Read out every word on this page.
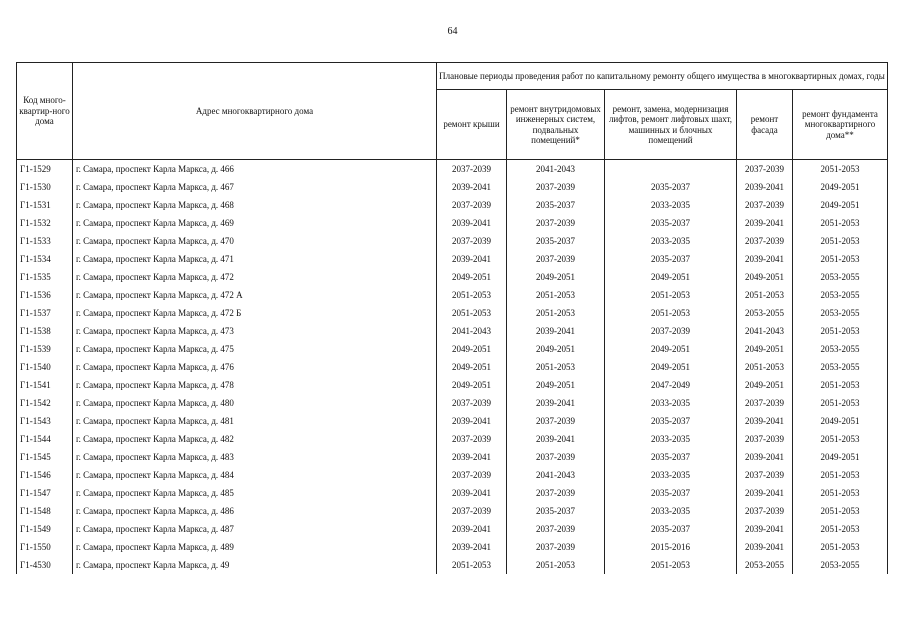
64
Код много-квартир-ного дома	Адрес многоквартирного дома	Плановые периоды проведения работ по капитальному ремонту общего имущества в многоквартирных домах, годы				
		ремонт крыши	ремонт внутридомовых инженерных систем, подвальных помещений*	ремонт, замена, модернизация лифтов, ремонт лифтовых шахт, машинных и блочных помещений	ремонт фасада	ремонт фундамента многоквартирного дома**
Г1-1529	г. Самара, проспект Карла Маркса, д. 466	2037-2039	2041-2043		2037-2039	2051-2053
Г1-1530	г. Самара, проспект Карла Маркса, д. 467	2039-2041	2037-2039	2035-2037	2039-2041	2049-2051
Г1-1531	г. Самара, проспект Карла Маркса, д. 468	2037-2039	2035-2037	2033-2035	2037-2039	2049-2051
Г1-1532	г. Самара, проспект Карла Маркса, д. 469	2039-2041	2037-2039	2035-2037	2039-2041	2051-2053
Г1-1533	г. Самара, проспект Карла Маркса, д. 470	2037-2039	2035-2037	2033-2035	2037-2039	2051-2053
Г1-1534	г. Самара, проспект Карла Маркса, д. 471	2039-2041	2037-2039	2035-2037	2039-2041	2051-2053
Г1-1535	г. Самара, проспект Карла Маркса, д. 472	2049-2051	2049-2051	2049-2051	2049-2051	2053-2055
Г1-1536	г. Самара, проспект Карла Маркса, д. 472 А	2051-2053	2051-2053	2051-2053	2051-2053	2053-2055
Г1-1537	г. Самара, проспект Карла Маркса, д. 472 Б	2051-2053	2051-2053	2051-2053	2053-2055	2053-2055
Г1-1538	г. Самара, проспект Карла Маркса, д. 473	2041-2043	2039-2041	2037-2039	2041-2043	2051-2053
Г1-1539	г. Самара, проспект Карла Маркса, д. 475	2049-2051	2049-2051	2049-2051	2049-2051	2053-2055
Г1-1540	г. Самара, проспект Карла Маркса, д. 476	2049-2051	2051-2053	2049-2051	2051-2053	2053-2055
Г1-1541	г. Самара, проспект Карла Маркса, д. 478	2049-2051	2049-2051	2047-2049	2049-2051	2051-2053
Г1-1542	г. Самара, проспект Карла Маркса, д. 480	2037-2039	2039-2041	2033-2035	2037-2039	2051-2053
Г1-1543	г. Самара, проспект Карла Маркса, д. 481	2039-2041	2037-2039	2035-2037	2039-2041	2049-2051
Г1-1544	г. Самара, проспект Карла Маркса, д. 482	2037-2039	2039-2041	2033-2035	2037-2039	2051-2053
Г1-1545	г. Самара, проспект Карла Маркса, д. 483	2039-2041	2037-2039	2035-2037	2039-2041	2049-2051
Г1-1546	г. Самара, проспект Карла Маркса, д. 484	2037-2039	2041-2043	2033-2035	2037-2039	2051-2053
Г1-1547	г. Самара, проспект Карла Маркса, д. 485	2039-2041	2037-2039	2035-2037	2039-2041	2051-2053
Г1-1548	г. Самара, проспект Карла Маркса, д. 486	2037-2039	2035-2037	2033-2035	2037-2039	2051-2053
Г1-1549	г. Самара, проспект Карла Маркса, д. 487	2039-2041	2037-2039	2035-2037	2039-2041	2051-2053
Г1-1550	г. Самара, проспект Карла Маркса, д. 489	2039-2041	2037-2039	2015-2016	2039-2041	2051-2053
Г1-4530	г. Самара, проспект Карла Маркса, д. 49	2051-2053	2051-2053	2051-2053	2053-2055	2053-2055
